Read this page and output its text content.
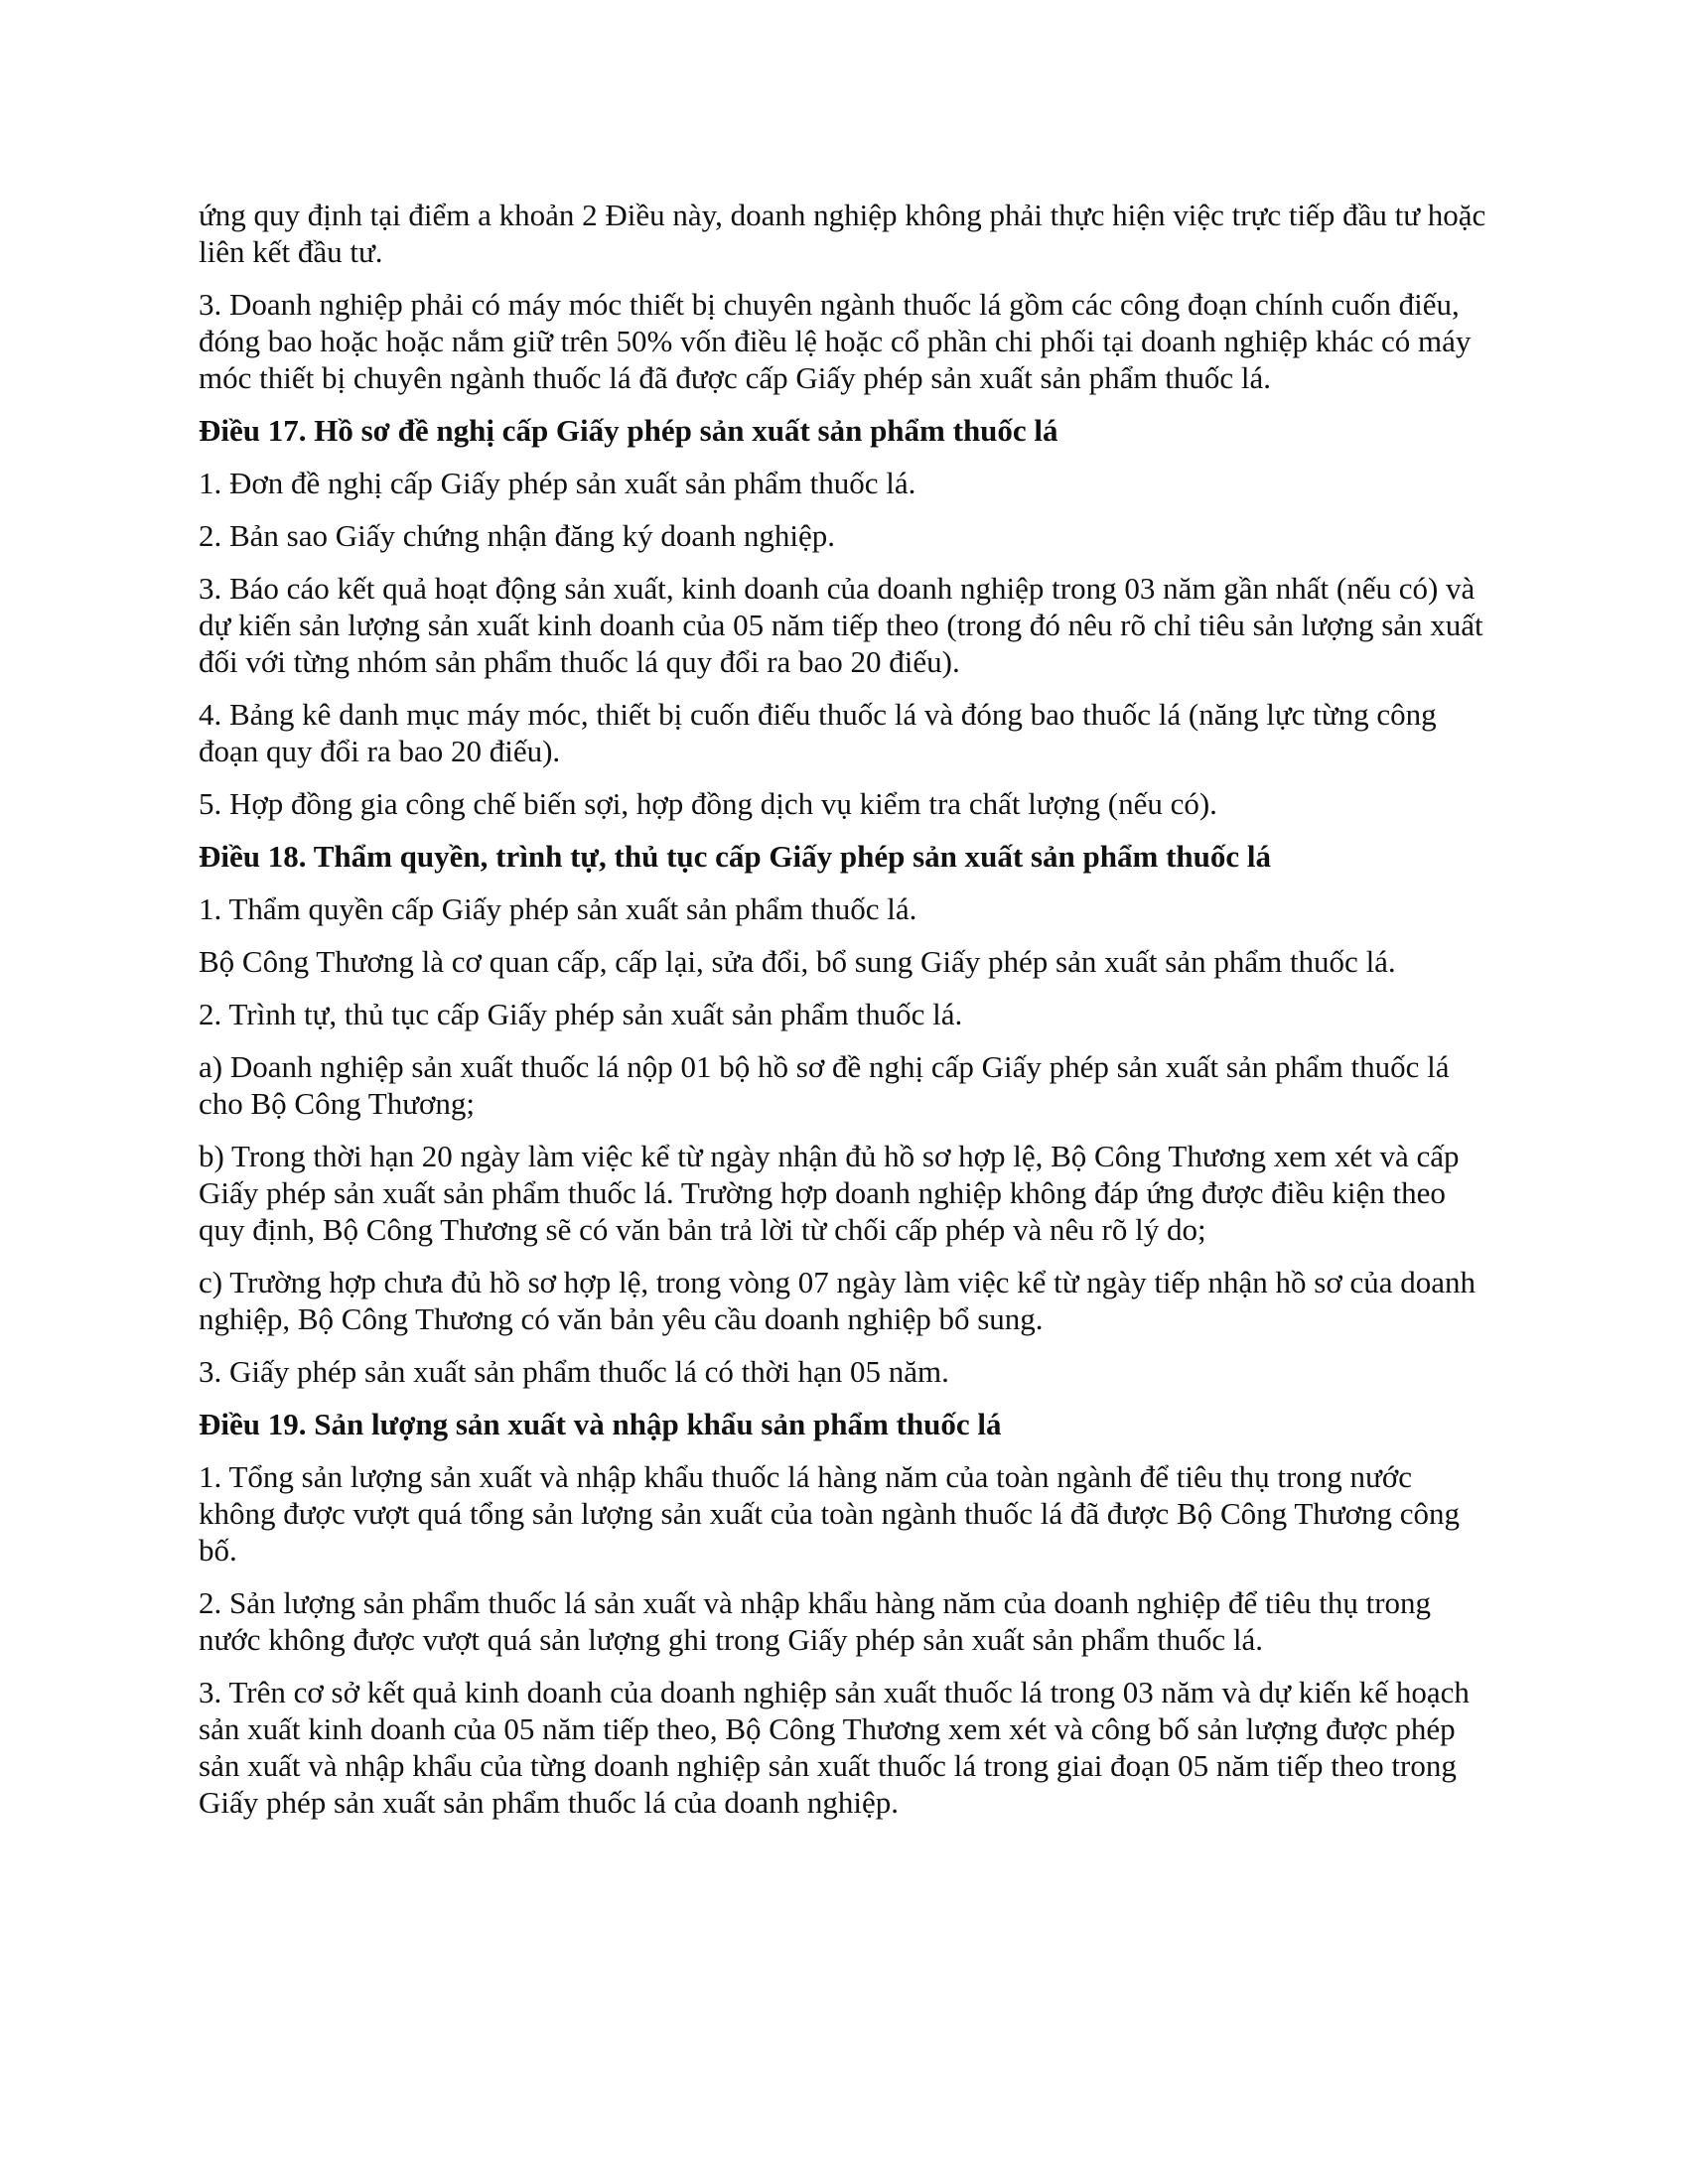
ứng quy định tại điểm a khoản 2 Điều này, doanh nghiệp không phải thực hiện việc trực tiếp đầu tư hoặc liên kết đầu tư.

3. Doanh nghiệp phải có máy móc thiết bị chuyên ngành thuốc lá gồm các công đoạn chính cuốn điếu, đóng bao hoặc hoặc nắm giữ trên 50% vốn điều lệ hoặc cổ phần chi phối tại doanh nghiệp khác có máy móc thiết bị chuyên ngành thuốc lá đã được cấp Giấy phép sản xuất sản phẩm thuốc lá.

Điều 17. Hồ sơ đề nghị cấp Giấy phép sản xuất sản phẩm thuốc lá

1. Đơn đề nghị cấp Giấy phép sản xuất sản phẩm thuốc lá.

2. Bản sao Giấy chứng nhận đăng ký doanh nghiệp.

3. Báo cáo kết quả hoạt động sản xuất, kinh doanh của doanh nghiệp trong 03 năm gần nhất (nếu có) và dự kiến sản lượng sản xuất kinh doanh của 05 năm tiếp theo (trong đó nêu rõ chỉ tiêu sản lượng sản xuất đối với từng nhóm sản phẩm thuốc lá quy đổi ra bao 20 điếu).

4. Bảng kê danh mục máy móc, thiết bị cuốn điếu thuốc lá và đóng bao thuốc lá (năng lực từng công đoạn quy đổi ra bao 20 điếu).

5. Hợp đồng gia công chế biến sợi, hợp đồng dịch vụ kiểm tra chất lượng (nếu có).

Điều 18. Thẩm quyền, trình tự, thủ tục cấp Giấy phép sản xuất sản phẩm thuốc lá

1. Thẩm quyền cấp Giấy phép sản xuất sản phẩm thuốc lá.

Bộ Công Thương là cơ quan cấp, cấp lại, sửa đổi, bổ sung Giấy phép sản xuất sản phẩm thuốc lá.

2. Trình tự, thủ tục cấp Giấy phép sản xuất sản phẩm thuốc lá.

a) Doanh nghiệp sản xuất thuốc lá nộp 01 bộ hồ sơ đề nghị cấp Giấy phép sản xuất sản phẩm thuốc lá cho Bộ Công Thương;

b) Trong thời hạn 20 ngày làm việc kể từ ngày nhận đủ hồ sơ hợp lệ, Bộ Công Thương xem xét và cấp Giấy phép sản xuất sản phẩm thuốc lá. Trường hợp doanh nghiệp không đáp ứng được điều kiện theo quy định, Bộ Công Thương sẽ có văn bản trả lời từ chối cấp phép và nêu rõ lý do;

c) Trường hợp chưa đủ hồ sơ hợp lệ, trong vòng 07 ngày làm việc kể từ ngày tiếp nhận hồ sơ của doanh nghiệp, Bộ Công Thương có văn bản yêu cầu doanh nghiệp bổ sung.

3. Giấy phép sản xuất sản phẩm thuốc lá có thời hạn 05 năm.

Điều 19. Sản lượng sản xuất và nhập khẩu sản phẩm thuốc lá

1. Tổng sản lượng sản xuất và nhập khẩu thuốc lá hàng năm của toàn ngành để tiêu thụ trong nước không được vượt quá tổng sản lượng sản xuất của toàn ngành thuốc lá đã được Bộ Công Thương công bố.

2. Sản lượng sản phẩm thuốc lá sản xuất và nhập khẩu hàng năm của doanh nghiệp để tiêu thụ trong nước không được vượt quá sản lượng ghi trong Giấy phép sản xuất sản phẩm thuốc lá.

3. Trên cơ sở kết quả kinh doanh của doanh nghiệp sản xuất thuốc lá trong 03 năm và dự kiến kế hoạch sản xuất kinh doanh của 05 năm tiếp theo, Bộ Công Thương xem xét và công bố sản lượng được phép sản xuất và nhập khẩu của từng doanh nghiệp sản xuất thuốc lá trong giai đoạn 05 năm tiếp theo trong Giấy phép sản xuất sản phẩm thuốc lá của doanh nghiệp.
